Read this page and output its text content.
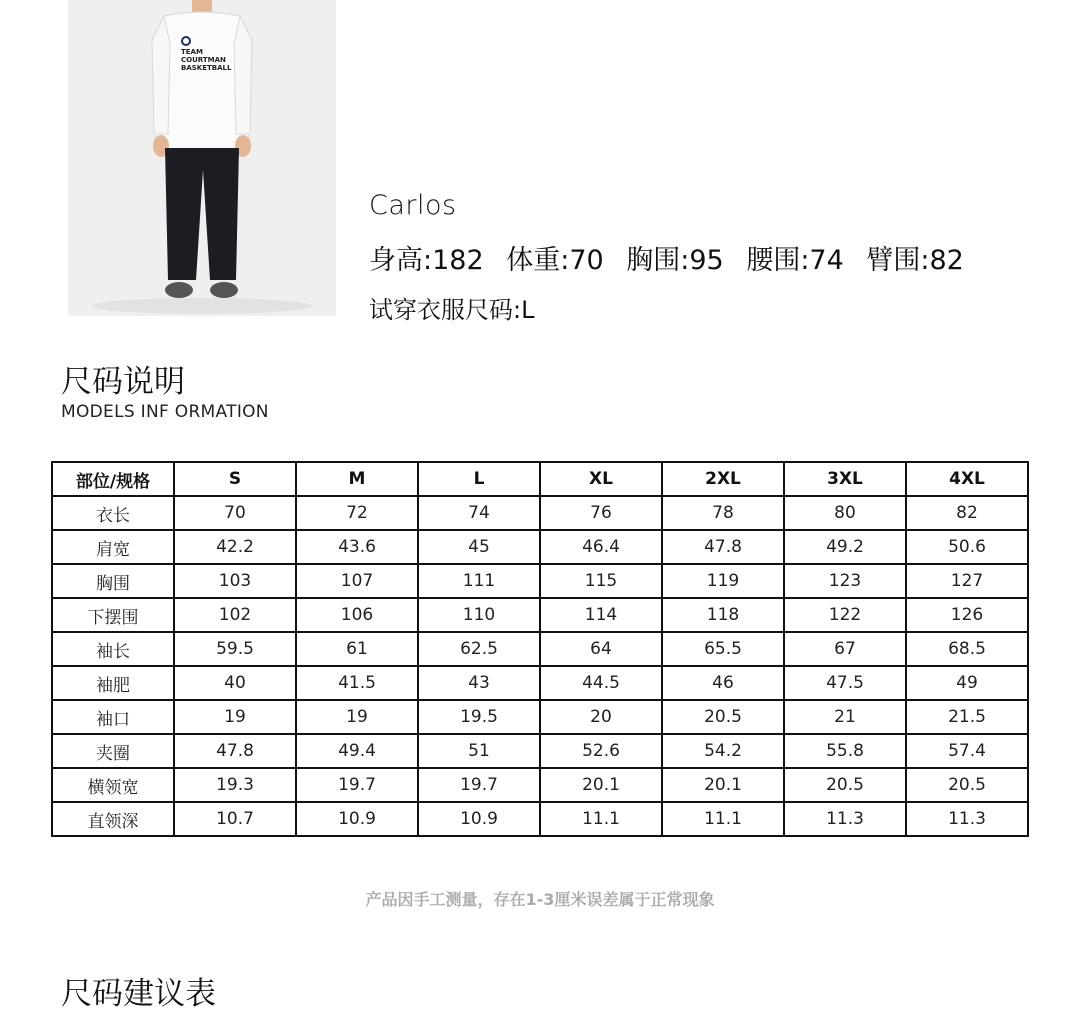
TEAM
COURTMAN
BASKETBALL
Carlos
身高:182 体重:70 胸围:95 腰围:74 臂围:82
试穿衣服尺码:L
尺码说明
MODELS INF ORMATION
部位/规格	S	M	L	XL	2XL	3XL	4XL
衣长	70	72	74	76	78	80	82
肩宽	42.2	43.6	45	46.4	47.8	49.2	50.6
胸围	103	107	111	115	119	123	127
下摆围	102	106	110	114	118	122	126
袖长	59.5	61	62.5	64	65.5	67	68.5
袖肥	40	41.5	43	44.5	46	47.5	49
袖口	19	19	19.5	20	20.5	21	21.5
夹圈	47.8	49.4	51	52.6	54.2	55.8	57.4
横领宽	19.3	19.7	19.7	20.1	20.1	20.5	20.5
直领深	10.7	10.9	10.9	11.1	11.1	11.3	11.3
产品因手工测量，存在1-3厘米误差属于正常现象
尺码建议表
